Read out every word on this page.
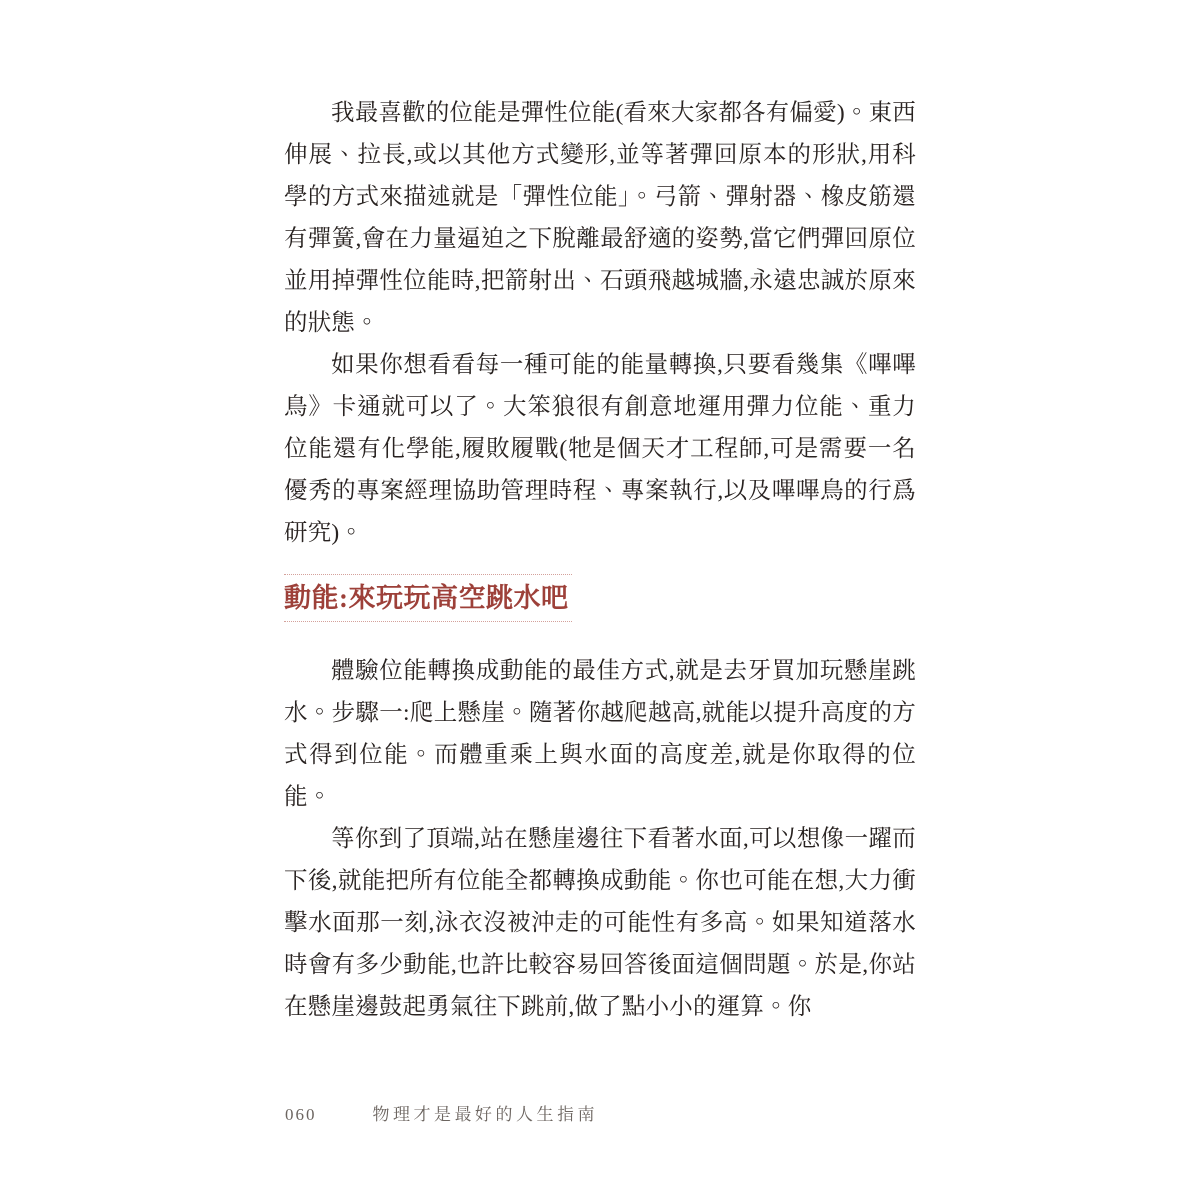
我最喜歡的位能是彈性位能(看來大家都各有偏愛)。東西伸展、拉長,或以其他方式變形,並等著彈回原本的形狀,用科學的方式來描述就是「彈性位能」。弓箭、彈射器、橡皮筋還有彈簧,會在力量逼迫之下脫離最舒適的姿勢,當它們彈回原位並用掉彈性位能時,把箭射出、石頭飛越城牆,永遠忠誠於原來的狀態。

如果你想看看每一種可能的能量轉換,只要看幾集《嗶嗶鳥》卡通就可以了。大笨狼很有創意地運用彈力位能、重力位能還有化學能,履敗履戰(牠是個天才工程師,可是需要一名優秀的專案經理協助管理時程、專案執行,以及嗶嗶鳥的行爲研究)。

動能:來玩玩高空跳水吧

體驗位能轉換成動能的最佳方式,就是去牙買加玩懸崖跳水。步驟一:爬上懸崖。隨著你越爬越高,就能以提升高度的方式得到位能。而體重乘上與水面的高度差,就是你取得的位能。

等你到了頂端,站在懸崖邊往下看著水面,可以想像一躍而下後,就能把所有位能全都轉換成動能。你也可能在想,大力衝擊水面那一刻,泳衣沒被沖走的可能性有多高。如果知道落水時會有多少動能,也許比較容易回答後面這個問題。於是,你站在懸崖邊鼓起勇氣往下跳前,做了點小小的運算。你

060	物理才是最好的人生指南
